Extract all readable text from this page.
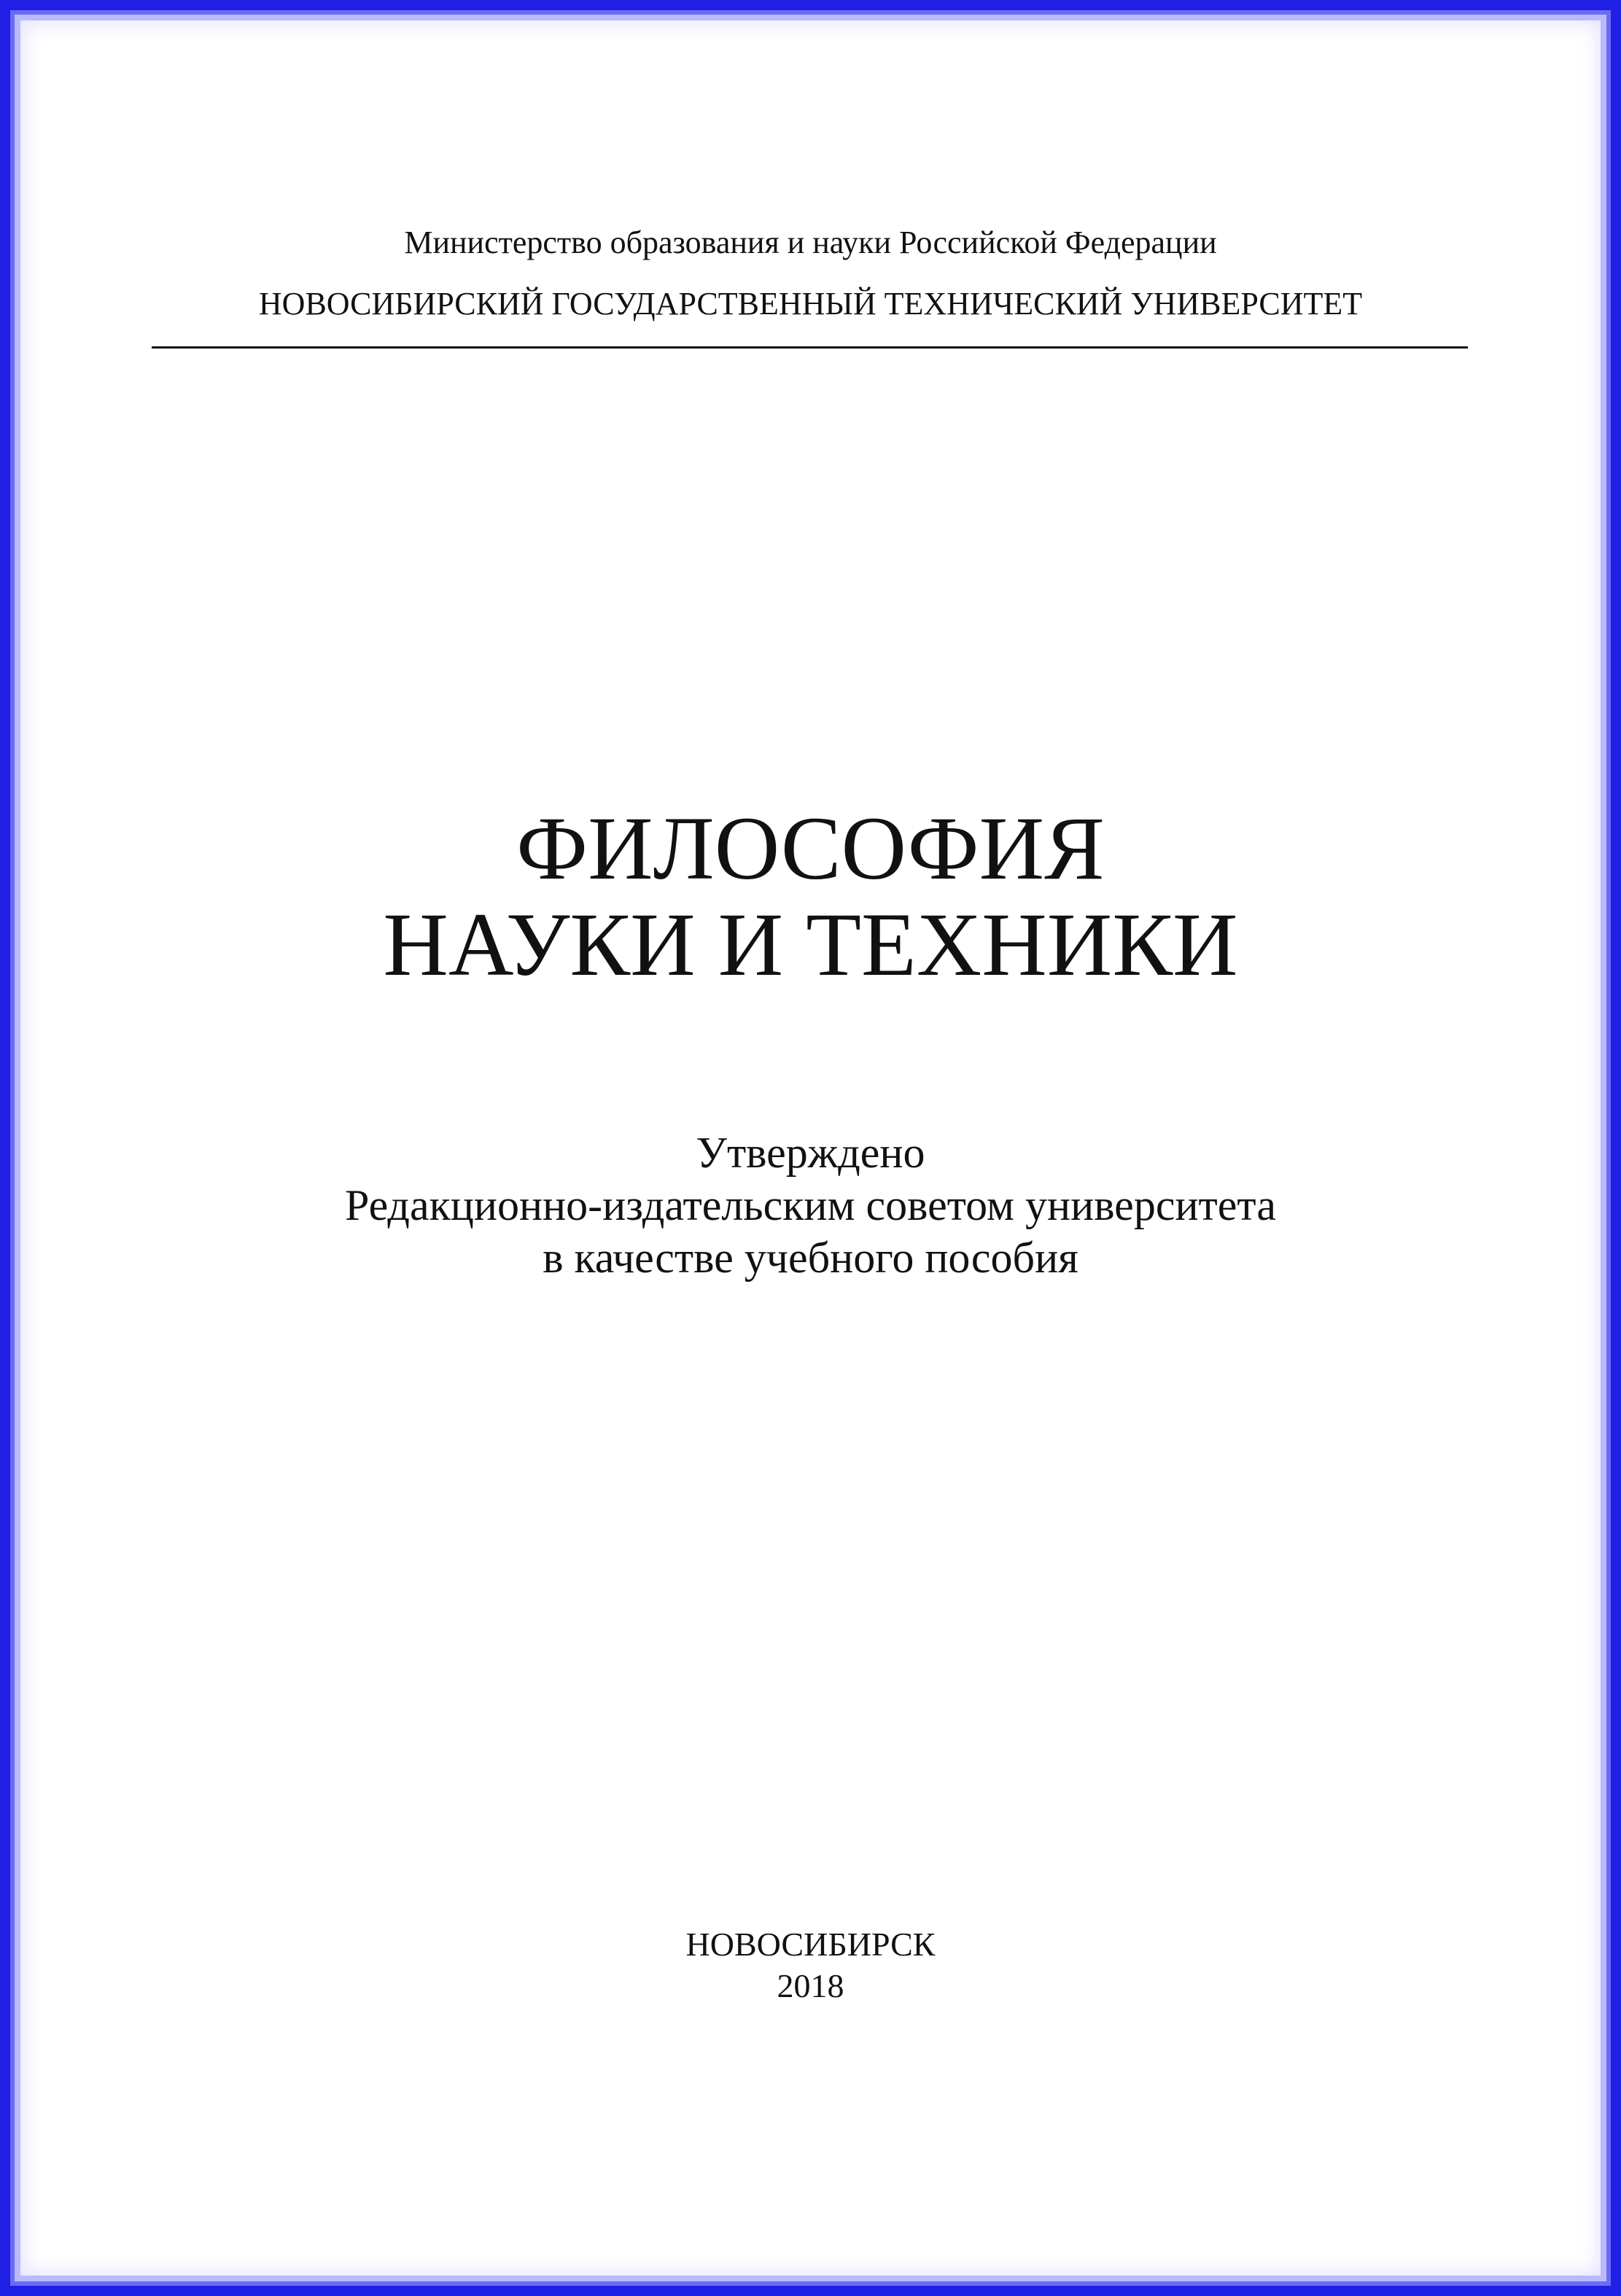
Министерство образования и науки Российской Федерации
НОВОСИБИРСКИЙ ГОСУДАРСТВЕННЫЙ ТЕХНИЧЕСКИЙ УНИВЕРСИТЕТ
ФИЛОСОФИЯ
НАУКИ И ТЕХНИКИ
Утверждено
Редакционно-издательским советом университета
в качестве учебного пособия
НОВОСИБИРСК
2018
